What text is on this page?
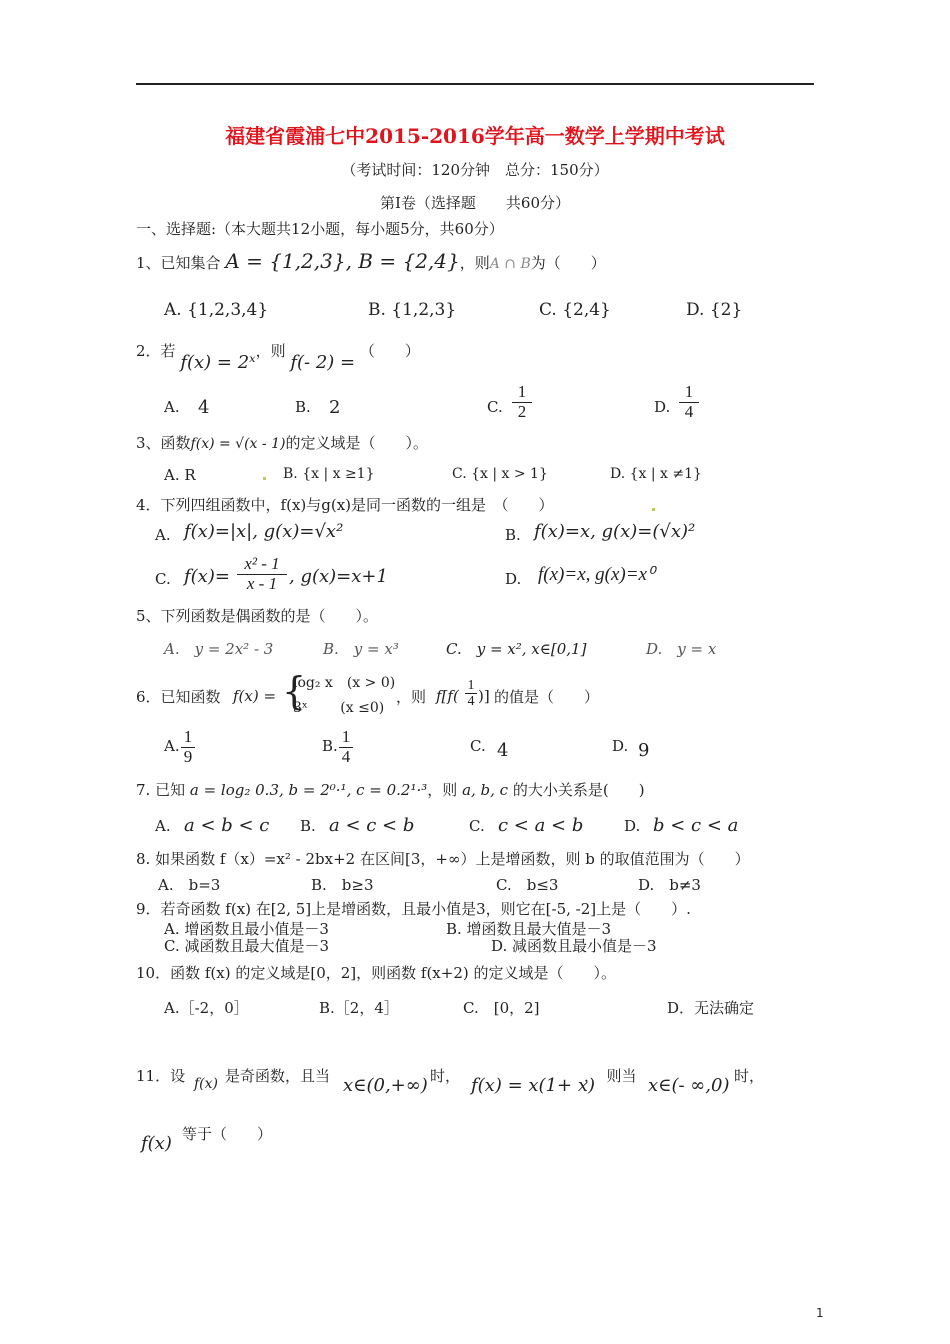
福建省霞浦七中2015-2016学年高一数学上学期中考试
（考试时间：120分钟　总分：150分）
第Ⅰ卷（选择题　　共60分）
一、选择题:（本大题共12小题，每小题5分，共60分）
1、已知集合 A = {1,2,3}, B = {2,4}，则A ∩ B为（　　）
A. {1,2,3,4}	B. {1,2,3}	C. {2,4}	D. {2}
2．若 f(x) = 2ˣ，则 f(- 2) = （　　）
A. 4	B. 2	C. $\frac{1}{2}$	D. $\frac{1}{4}$
3、函数f(x) = √(x - 1)的定义域是（　　）。
A. R	B. {x | x ≥1}	C. {x | x > 1}	D. {x | x ≠1}
4．下列四组函数中，f(x)与g(x)是同一函数的一组是　（　　）
A. f(x)=|x|, g(x)=√x²	B. f(x)=x, g(x)=(√x)²
C. $f(x)= \frac{\text{x² - 1}}{x - 1}$ , g(x)=x+1	D. f(x)=x, g(x)=x⁰
5、下列函数是偶函数的是（　　）。
A.　y = 2x² - 3	B.　y = x³	C.　y = x², x∈[0,1]	D.　y = x
6．已知函数 f(x) = {
log₂ x　(x > 0)
3ˣ　　 (x ≤0)
，则 $f[f( \frac{1}{4}$ )] 的值是（　　）
A. $\frac{1}{9}$	B. $\frac{1}{4}$	C. 4	D. 9
7. 已知 a = log₂ 0.3, b = 2⁰·¹, c = 0.2¹·³，则 a, b, c 的大小关系是(　　)
A. a < b < c B. a < c < b	C. c < a < b	D. b < c < a
8. 如果函数 f（x）=x² - 2bx+2 在区间[3，+∞）上是增函数，则 b 的取值范围为（　　）
A.　b=3	B.　b≥3	C.　b≤3	D.　b≠3
9．若奇函数 f(x) 在[2, 5]上是增函数，且最小值是3，则它在[-5, -2]上是（　　）.
A. 增函数且最小值是－3	B. 增函数且最大值是－3
C. 减函数且最大值是－3	D. 减函数且最小值是－3
10．函数 f(x) 的定义域是[0，2]，则函数 f(x+2) 的定义域是（　　）。
A.［-2，0］	B.［2，4］	C.　[0，2]	D．无法确定
11．设 f(x) 是奇函数，且当 x∈(0,+∞) 时， f(x) = x(1+ x)
，　则当 x∈(- ∞,0) 时，
f(x) 等于（　　）
1
